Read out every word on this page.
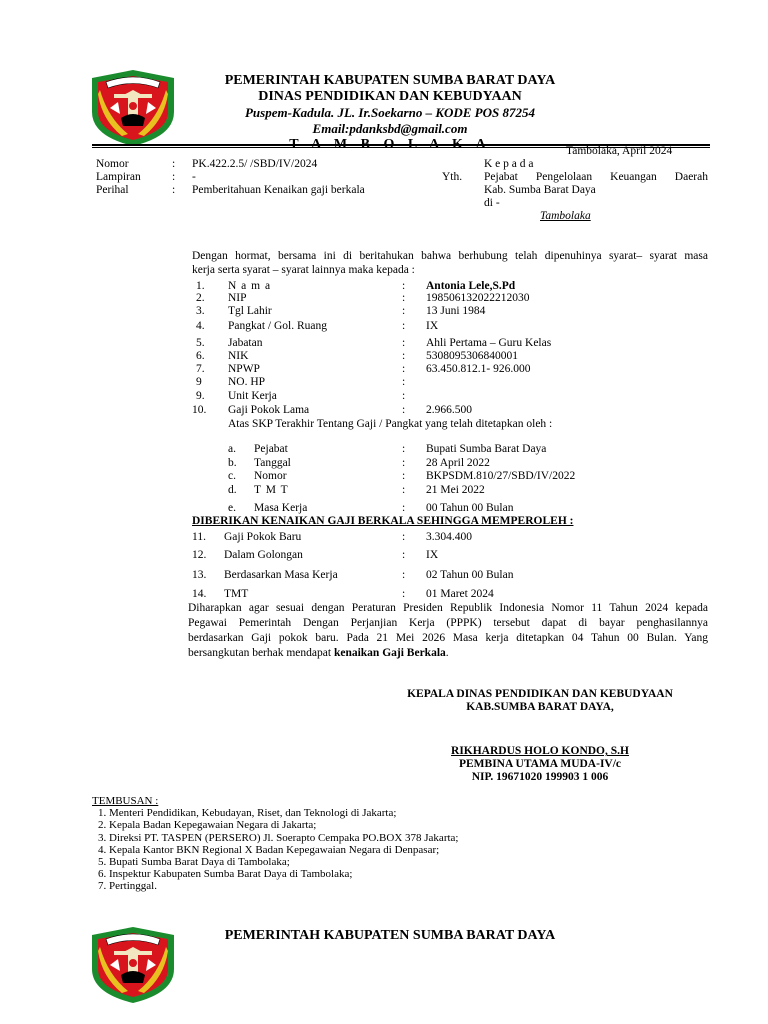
PEMERINTAH KABUPATEN SUMBA BARAT DAYA
DINAS PENDIDIKAN DAN KEBUDYAAN
Puspem-Kadula. JL. Ir.Soekarno – KODE POS 87254
Email:pdanksbd@gmail.com
T A M B O L A K A	Tambolaka, April 2024
Nomor	: PK.422.2.5/ /SBD/IV/2024
Lampiran	: -
Perihal	: Pemberitahuan Kenaikan gaji berkala
Yth.
K e p a d a
Pejabat Pengelolaan Keuangan Daerah
Kab. Sumba Barat Daya
di -
Tambolaka
Dengan hormat, bersama ini di beritahukan bahwa berhubung telah dipenuhinya syarat– syarat masa
kerja serta syarat – syarat lainnya maka kepada :
1. N a m a	: Antonia Lele,S.Pd
2. NIP	: 198506132022212030
3. Tgl Lahir	: 13 Juni 1984
4. Pangkat / Gol. Ruang	: IX
5. Jabatan	: Ahli Pertama – Guru Kelas
6. NIK	: 5308095306840001
7. NPWP	: 63.450.812.1- 926.000
9 NO. HP	:
9. Unit Kerja	:
10. Gaji Pokok Lama	: 2.966.500
Atas SKP Terakhir Tentang Gaji / Pangkat yang telah ditetapkan oleh :
a. Pejabat	: Bupati Sumba Barat Daya
b. Tanggal	: 28 April 2022
c. Nomor	: BKPSDM.810/27/SBD/IV/2022
d. T M T	: 21 Mei 2022
e. Masa Kerja	: 00 Tahun 00 Bulan
DIBERIKAN KENAIKAN GAJI BERKALA SEHINGGA MEMPEROLEH :
11. Gaji Pokok Baru	: 3.304.400
12. Dalam Golongan	: IX
13. Berdasarkan Masa Kerja	: 02 Tahun 00 Bulan
14. TMT	: 01 Maret 2024
Diharapkan agar sesuai dengan Peraturan Presiden Republik Indonesia Nomor 11 Tahun 2024 kepada
Pegawai Pemerintah Dengan Perjanjian Kerja (PPPK) tersebut dapat di bayar penghasilannya
berdasarkan Gaji pokok baru. Pada 21 Mei 2026 Masa kerja ditetapkan 04 Tahun 00 Bulan. Yang
bersangkutan berhak mendapat kenaikan Gaji Berkala.
KEPALA DINAS PENDIDIKAN DAN KEBUDYAAN
KAB.SUMBA BARAT DAYA,
RIKHARDUS HOLO KONDO, S.H
PEMBINA UTAMA MUDA-IV/c
NIP. 19671020 199903 1 006
TEMBUSAN :
1. Menteri Pendidikan, Kebudayan, Riset, dan Teknologi di Jakarta;
2. Kepala Badan Kepegawaian Negara di Jakarta;
3. Direksi PT. TASPEN (PERSERO) Jl. Soerapto Cempaka PO.BOX 378 Jakarta;
4. Kepala Kantor BKN Regional X Badan Kepegawaian Negara di Denpasar;
5. Bupati Sumba Barat Daya di Tambolaka;
6. Inspektur Kabupaten Sumba Barat Daya di Tambolaka;
7. Pertinggal.
PEMERINTAH KABUPATEN SUMBA BARAT DAYA
